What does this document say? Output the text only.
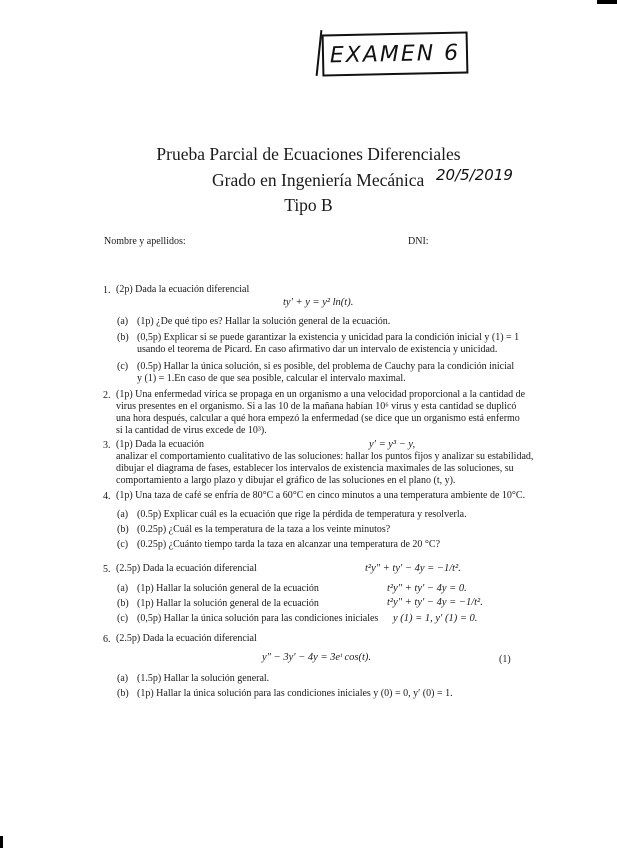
EXAMEN 6
Prueba Parcial de Ecuaciones Diferenciales
Grado en Ingeniería Mecánica 20/5/2019
Tipo B
Nombre y apellidos:	DNI:
1. (2p) Dada la ecuación diferencial
ty′ + y = y² ln(t).
(a) (1p) ¿De qué tipo es? Hallar la solución general de la ecuación.
(b) (0,5p) Explicar si se puede garantizar la existencia y unicidad para la condición inicial y (1) = 1
usando el teorema de Picard. En caso afirmativo dar un intervalo de existencia y unicidad.
(c) (0.5p) Hallar la única solución, si es posible, del problema de Cauchy para la condición inicial
y (1) = 1.En caso de que sea posible, calcular el intervalo maximal.
2. (1p) Una enfermedad vírica se propaga en un organismo a una velocidad proporcional a la cantidad de
virus presentes en el organismo. Si a las 10 de la mañana habían 10⁶ virus y esta cantidad se duplicó
una hora después, calcular a qué hora empezó la enfermedad (se dice que un organismo está enfermo
si la cantidad de virus excede de 10³).
3. (1p) Dada la ecuación	y′ = y³ − y,
analizar el comportamiento cualitativo de las soluciones: hallar los puntos fijos y analizar su estabilidad,
dibujar el diagrama de fases, establecer los intervalos de existencia maximales de las soluciones, su
comportamiento a largo plazo y dibujar el gráfico de las soluciones en el plano (t, y).
4. (1p) Una taza de café se enfría de 80°C a 60°C en cinco minutos a una temperatura ambiente de 10°C.
(a) (0.5p) Explicar cuál es la ecuación que rige la pérdida de temperatura y resolverla.
(b) (0.25p) ¿Cuál es la temperatura de la taza a los veinte minutos?
(c) (0.25p) ¿Cuánto tiempo tarda la taza en alcanzar una temperatura de 20 °C?
5. (2.5p) Dada la ecuación diferencial	t²y″ + ty′ − 4y = −1/t².
(a) (1p) Hallar la solución general de la ecuación	t²y″ + ty′ − 4y = 0.
(b) (1p) Hallar la solución general de la ecuación	t²y″ + ty′ − 4y = −1/t².
(c) (0,5p) Hallar la única solución para las condiciones iniciales y (1) = 1, y′ (1) = 0.
6. (2.5p) Dada la ecuación diferencial
y″ − 3y′ − 4y = 3eᵗ cos(t).	(1)
(a) (1.5p) Hallar la solución general.
(b) (1p) Hallar la única solución para las condiciones iniciales y (0) = 0, y′ (0) = 1.
